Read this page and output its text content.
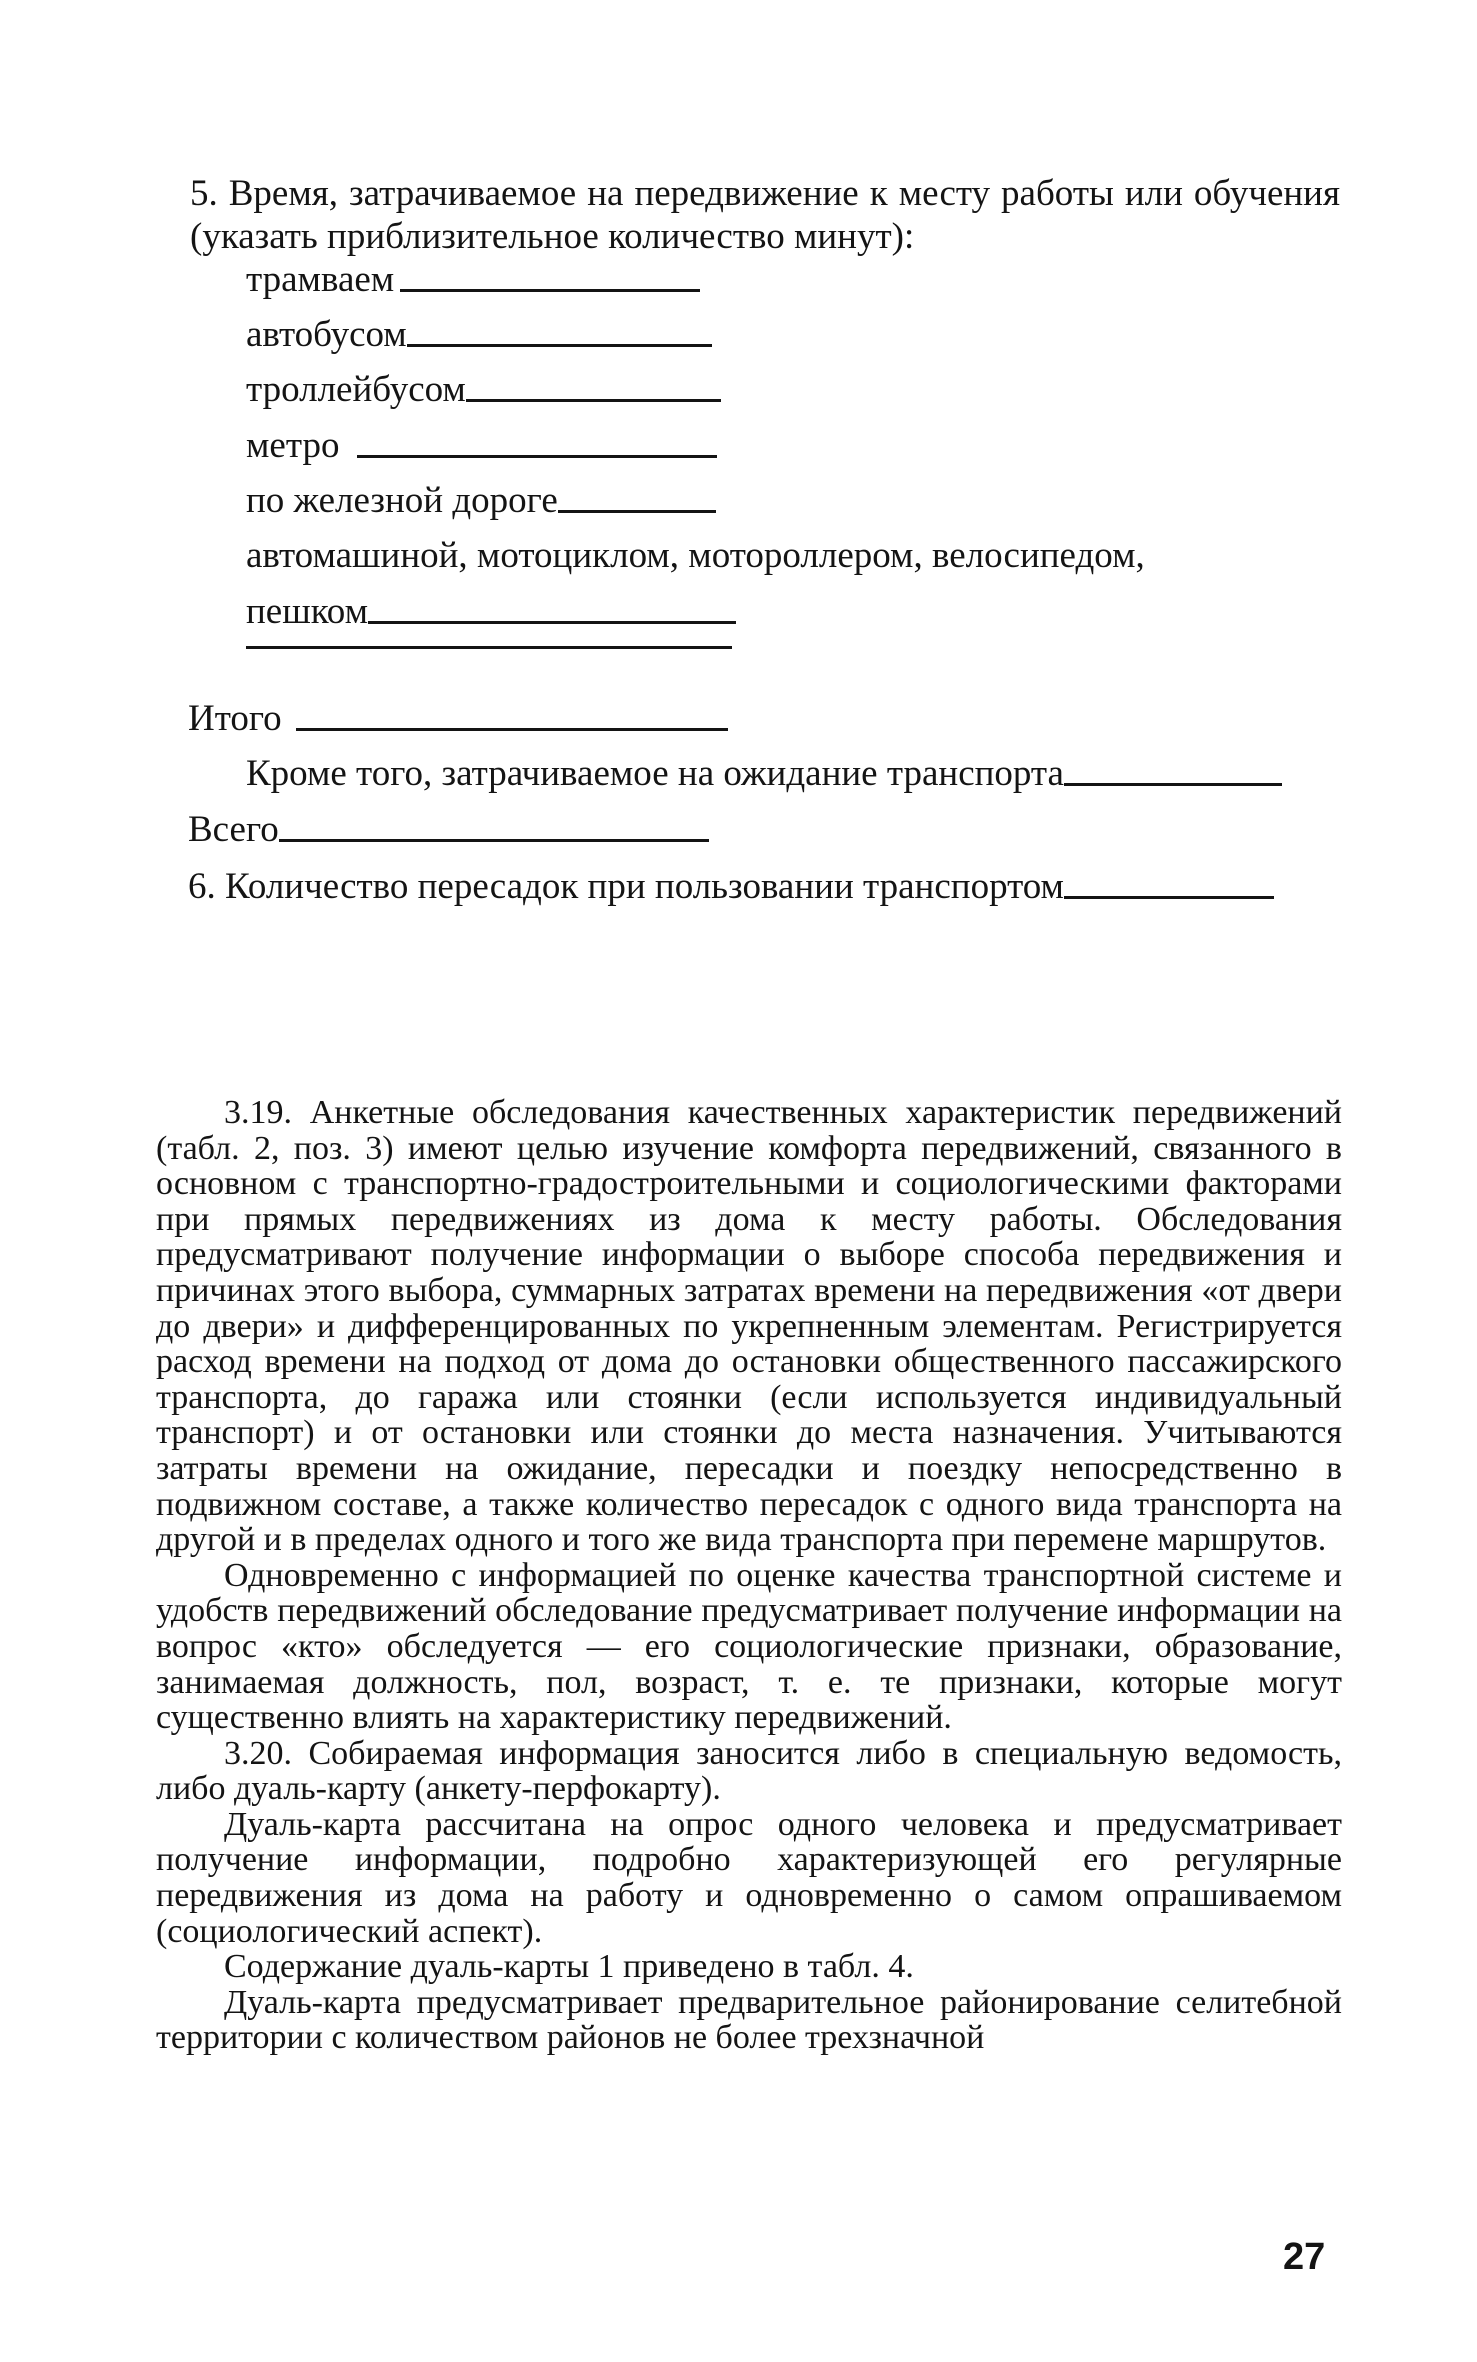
5. Время, затрачиваемое на передвижение к месту работы или обучения (указать приблизительное количество минут):

трамваем
автобусом
троллейбусом
метро
по железной дороге
автомашиной, мотоциклом, мотороллером, велосипедом,
пешком
Итого
Кроме того, затрачиваемое на ожидание транспорта
Всего
6. Количество пересадок при пользовании транспортом

3.19. Анкетные обследования качественных характеристик передвижений (табл. 2, поз. 3) имеют целью изучение комфорта передвижений, связанного в основном с транспортно-градостроительными и социологическими факторами при прямых передвижениях из дома к месту работы. Обследования предусматривают получение информации о выборе способа передвижения и причинах этого выбора, суммарных затратах времени на передвижения «от двери до двери» и дифференцированных по укрепненным элементам. Регистрируется расход времени на подход от дома до остановки общественного пассажирского транспорта, до гаража или стоянки (если используется индивидуальный транспорт) и от остановки или стоянки до места назначения. Учитываются затраты времени на ожидание, пересадки и поездку непосредственно в подвижном составе, а также количество пересадок с одного вида транспорта на другой и в пределах одного и того же вида транспорта при перемене маршрутов.

Одновременно с информацией по оценке качества транспортной системе и удобств передвижений обследование предусматривает получение информации на вопрос «кто» обследуется — его социологические признаки, образование, занимаемая должность, пол, возраст, т. е. те признаки, которые могут существенно влиять на характеристику передвижений.

3.20. Собираемая информация заносится либо в специальную ведомость, либо дуаль-карту (анкету-перфокарту).

Дуаль-карта рассчитана на опрос одного человека и предусматривает получение информации, подробно характеризующей его регулярные передвижения из дома на работу и одновременно о самом опрашиваемом (социологический аспект).

Содержание дуаль-карты 1 приведено в табл. 4.

Дуаль-карта предусматривает предварительное районирование селитебной территории с количеством районов не более трехзначной

27
